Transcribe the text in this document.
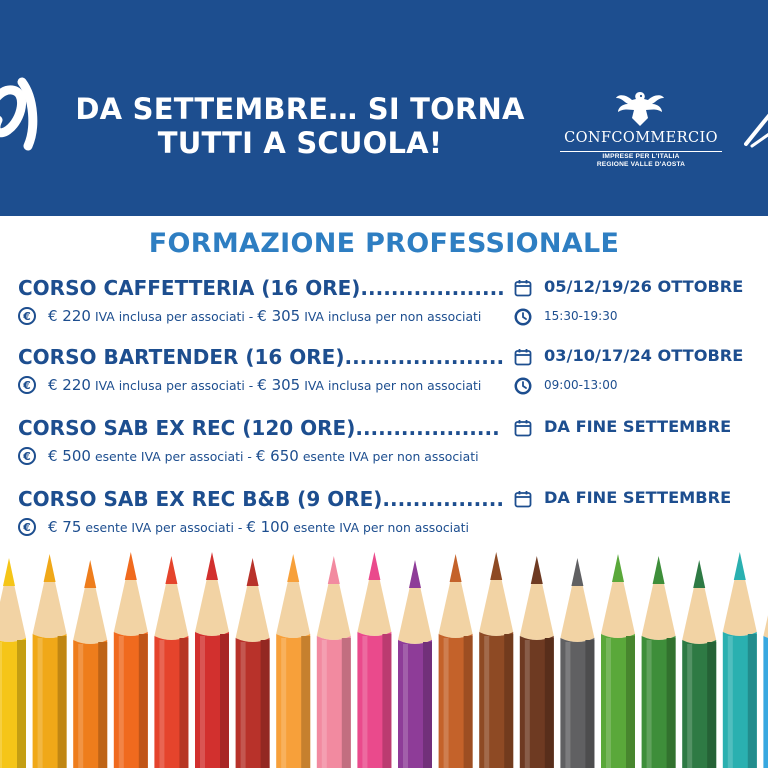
DA SETTEMBRE… SI TORNA
TUTTI A SCUOLA!	CONFCOMMERCIO
IMPRESE PER L'ITALIA
REGIONE VALLE D'AOSTA
FORMAZIONE PROFESSIONALE
CORSO CAFFETTERIA (16 ORE)...................
€	€ 220 IVA inclusa per associati - € 305 IVA inclusa per non associati
05/12/19/26 OTTOBRE
15:30-19:30
CORSO BARTENDER (16 ORE).....................
€	€ 220 IVA inclusa per associati - € 305 IVA inclusa per non associati
03/10/17/24 OTTOBRE
09:00-13:00
CORSO SAB EX REC (120 ORE)...................
€	€ 500 esente IVA per associati - € 650 esente IVA per non associati
DA FINE SETTEMBRE
CORSO SAB EX REC B&B (9 ORE)................
€	€ 75 esente IVA per associati - € 100 esente IVA per non associati
DA FINE SETTEMBRE
